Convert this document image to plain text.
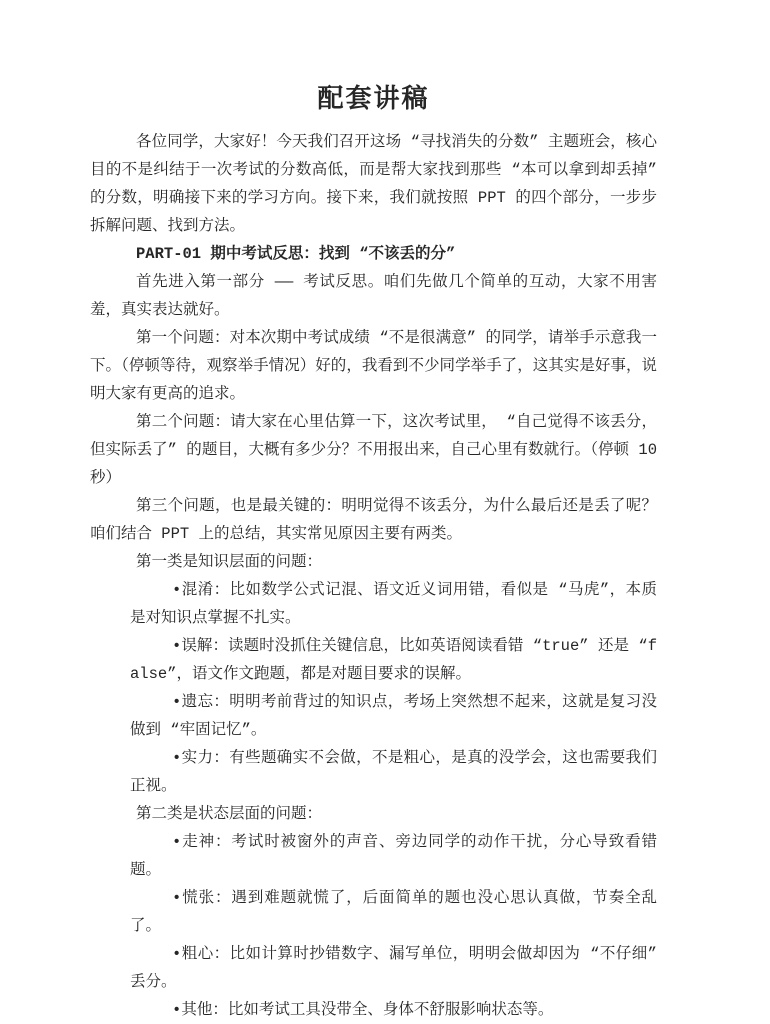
配套讲稿

各位同学，大家好！今天我们召开这场 “寻找消失的分数” 主题班会，核心目的不是纠结于一次考试的分数高低，而是帮大家找到那些 “本可以拿到却丢掉” 的分数，明确接下来的学习方向。接下来，我们就按照 PPT 的四个部分，一步步拆解问题、找到方法。

PART-01 期中考试反思：找到 “不该丢的分”

首先进入第一部分 —— 考试反思。咱们先做几个简单的互动，大家不用害羞，真实表达就好。

第一个问题：对本次期中考试成绩 “不是很满意” 的同学，请举手示意我一下。（停顿等待，观察举手情况）好的，我看到不少同学举手了，这其实是好事，说明大家有更高的追求。

第二个问题：请大家在心里估算一下，这次考试里， “自己觉得不该丢分，但实际丢了” 的题目，大概有多少分？不用报出来，自己心里有数就行。（停顿 10 秒）

第三个问题，也是最关键的：明明觉得不该丢分，为什么最后还是丢了呢？咱们结合 PPT 上的总结，其实常见原因主要有两类。

第一类是知识层面的问题：

•混淆：比如数学公式记混、语文近义词用错，看似是 “马虎”，本质是对知识点掌握不扎实。
•误解：读题时没抓住关键信息，比如英语阅读看错 “true” 还是 “false”，语文作文跑题，都是对题目要求的误解。
•遗忘：明明考前背过的知识点，考场上突然想不起来，这就是复习没做到 “牢固记忆”。
•实力：有些题确实不会做，不是粗心，是真的没学会，这也需要我们正视。

第二类是状态层面的问题：

•走神：考试时被窗外的声音、旁边同学的动作干扰，分心导致看错题。
•慌张：遇到难题就慌了，后面简单的题也没心思认真做，节奏全乱了。
•粗心：比如计算时抄错数字、漏写单位，明明会做却因为 “不仔细” 丢分。
•其他：比如考试工具没带全、身体不舒服影响状态等。
